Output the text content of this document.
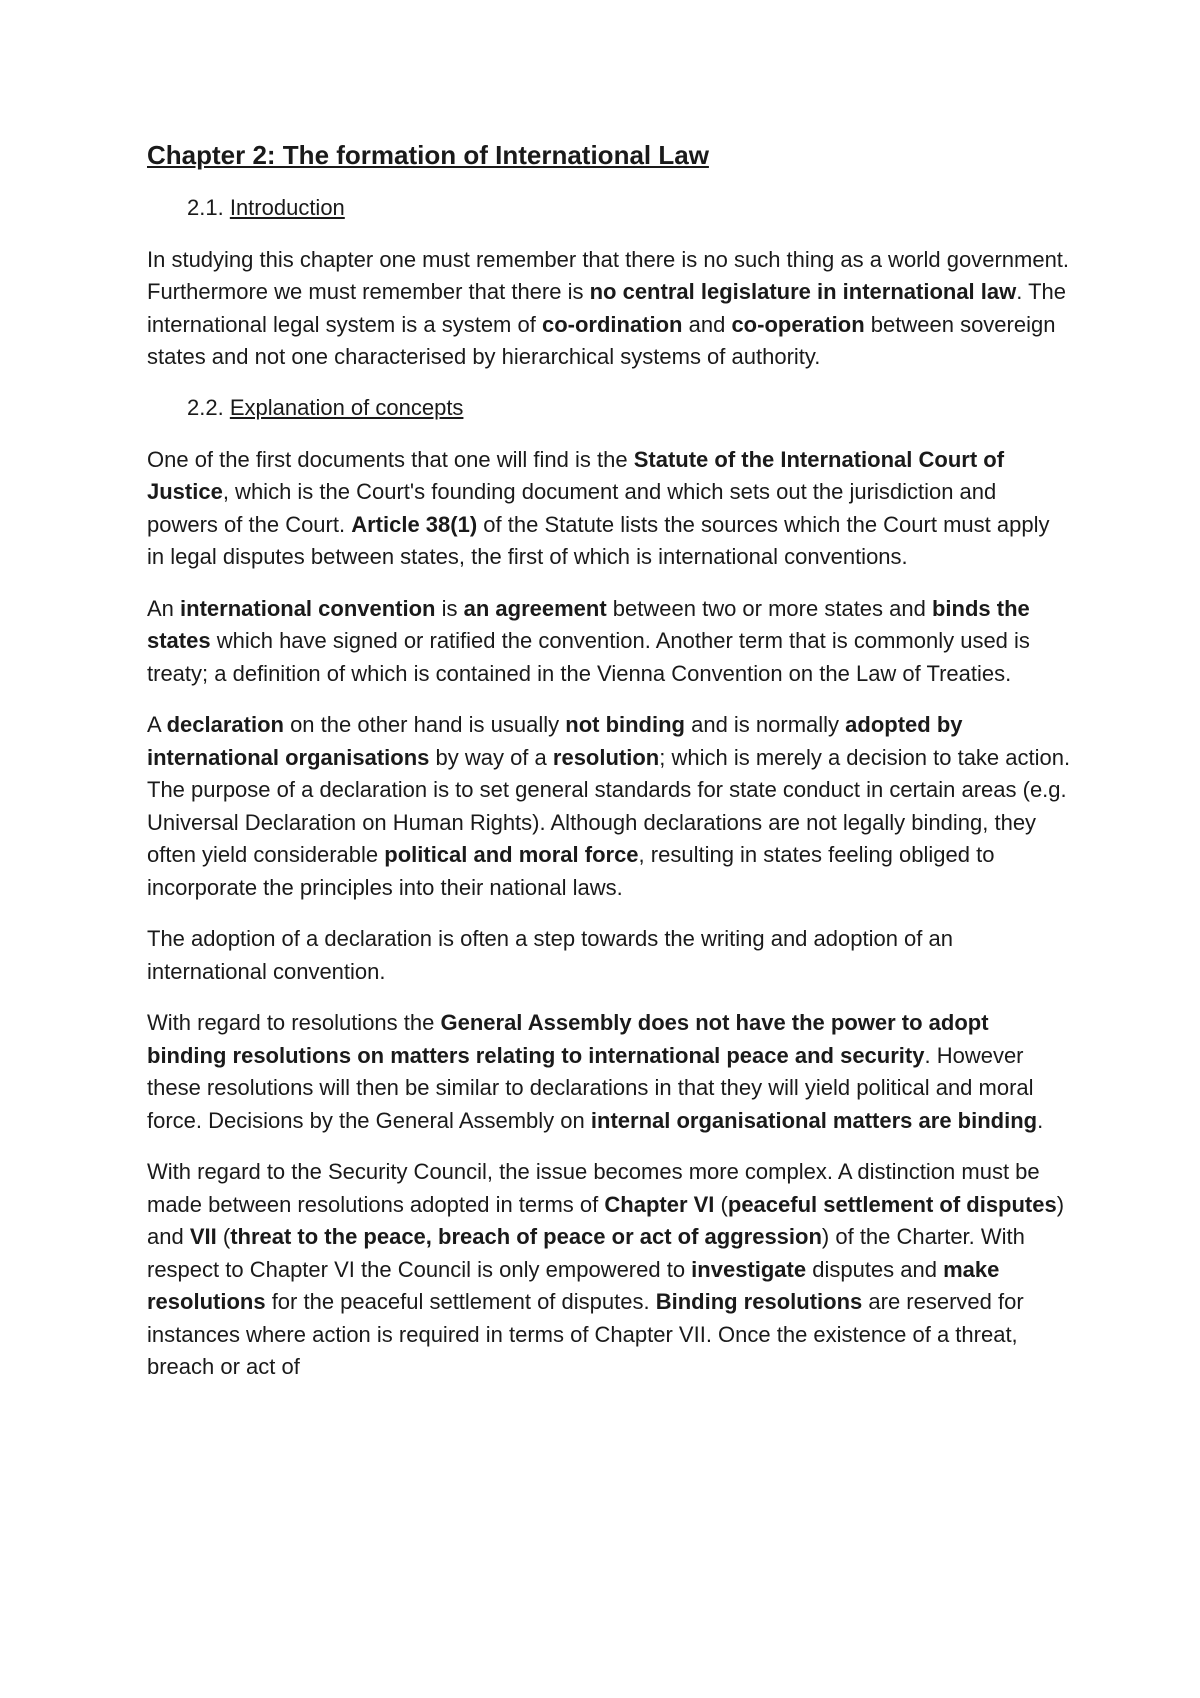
Chapter 2: The formation of International Law
2.1. Introduction

In studying this chapter one must remember that there is no such thing as a world government. Furthermore we must remember that there is no central legislature in international law. The international legal system is a system of co-ordination and co-operation between sovereign states and not one characterised by hierarchical systems of authority.

2.2. Explanation of concepts

One of the first documents that one will find is the Statute of the International Court of Justice, which is the Court's founding document and which sets out the jurisdiction and powers of the Court. Article 38(1) of the Statute lists the sources which the Court must apply in legal disputes between states, the first of which is international conventions.

An international convention is an agreement between two or more states and binds the states which have signed or ratified the convention. Another term that is commonly used is treaty; a definition of which is contained in the Vienna Convention on the Law of Treaties.

A declaration on the other hand is usually not binding and is normally adopted by international organisations by way of a resolution; which is merely a decision to take action. The purpose of a declaration is to set general standards for state conduct in certain areas (e.g. Universal Declaration on Human Rights). Although declarations are not legally binding, they often yield considerable political and moral force, resulting in states feeling obliged to incorporate the principles into their national laws.

The adoption of a declaration is often a step towards the writing and adoption of an international convention.

With regard to resolutions the General Assembly does not have the power to adopt binding resolutions on matters relating to international peace and security. However these resolutions will then be similar to declarations in that they will yield political and moral force. Decisions by the General Assembly on internal organisational matters are binding.

With regard to the Security Council, the issue becomes more complex. A distinction must be made between resolutions adopted in terms of Chapter VI (peaceful settlement of disputes) and VII (threat to the peace, breach of peace or act of aggression) of the Charter. With respect to Chapter VI the Council is only empowered to investigate disputes and make resolutions for the peaceful settlement of disputes. Binding resolutions are reserved for instances where action is required in terms of Chapter VII. Once the existence of a threat, breach or act of
